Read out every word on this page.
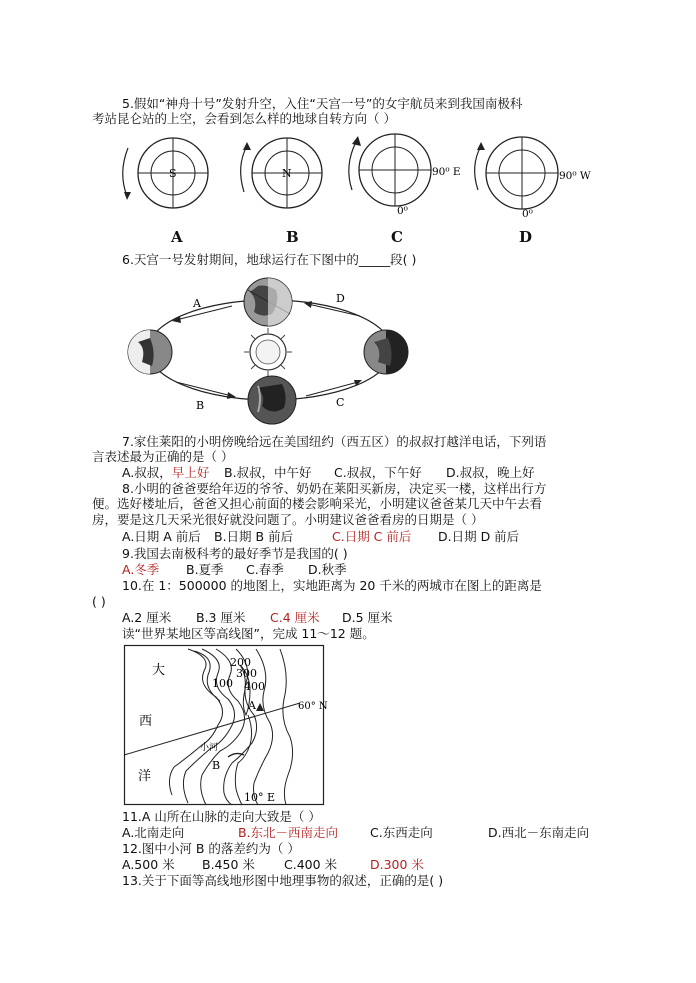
5.假如“神舟十号”发射升空，入住“天宫一号”的女宇航员来到我国南极科
考站昆仑站的上空，会看到怎么样的地球自转方向（ ）
S	N	90⁰ E
0⁰
90⁰ W
0⁰
A	B	C	D
6.天宫一号发射期间，地球运行在下图中的_____段( )
A
B	C
D
7.家住莱阳的小明傍晚给远在美国纽约（西五区）的叔叔打越洋电话，下列语
言表述最为正确的是（ ）
A.叔叔，早上好 B.叔叔，中午好 C.叔叔，下午好 D.叔叔，晚上好
8.小明的爸爸要给年迈的爷爷、奶奶在莱阳买新房，决定买一楼，这样出行方
便。选好楼址后，爸爸又担心前面的楼会影响采光，小明建议爸爸某几天中午去看
房，要是这几天采光很好就没问题了。小明建议爸爸看房的日期是（ ）
A.日期 A 前后 B.日期 B 前后	C.日期 C 前后 D.日期 D 前后
9.我国去南极科考的最好季节是我国的( )
A.冬季 B.夏季 C.春季 D.秋季
10.在 1：500000 的地图上，实地距离为 20 千米的两城市在图上的距离是
( )
A.2 厘米 B.3 厘米 C.4 厘米 D.5 厘米
读“世界某地区等高线图”，完成 11～12 题。
大
西
洋
200
300
400
100
A
小河
B
60° N
10° E
11.A 山所在山脉的走向大致是（ ）
A.北南走向	B.东北－西南走向	C.东西走向	D.西北－东南走向
12.图中小河 B 的落差约为（ ）
A.500 米 B.450 米 C.400 米	D.300 米
13.关于下面等高线地形图中地理事物的叙述，正确的是( )
